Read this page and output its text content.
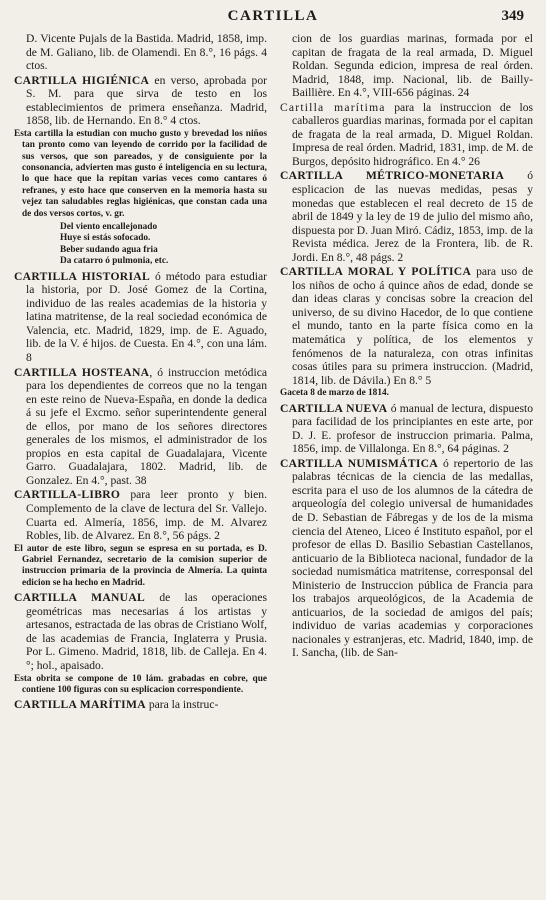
CARTILLA	349

D. Vicente Pujals de la Bastida. Madrid, 1858, imp. de M. Galiano, lib. de Olamendi. En 8.°, 16 págs. 4 ctos.

CARTILLA HIGIÉNICA en verso, aprobada por S. M. para que sirva de testo en los establecimientos de primera enseñanza. Madrid, 1858, lib. de Hernando. En 8.° 4 ctos.

Esta cartilla la estudian con mucho gusto y brevedad los niños tan pronto como van leyendo de corrido por la facilidad de sus versos, que son pareados, y de consiguiente por la consonancia, advierten mas gusto é inteligencia en su lectura, lo que hace que la repitan varias veces como cantares ó refranes, y esto hace que conserven en la memoria hasta su vejez tan saludables reglas higiénicas, que constan cada una de dos versos cortos, v. gr.

Del viento encallejonado
Huye si estás sofocado.
Beber sudando agua fria
Da catarro ó pulmonia, etc.

CARTILLA HISTORIAL ó método para estudiar la historia, por D. José Gomez de la Cortina, individuo de las reales academias de la historia y latina matritense, de la real sociedad económica de Valencia, etc. Madrid, 1829, imp. de E. Aguado, lib. de la V. é hijos. de Cuesta. En 4.°, con una lám. 8

CARTILLA HOSTEANA, ó instruccion metódica para los dependientes de correos que no la tengan en este reino de Nueva-España, en donde la dedica á su jefe el Excmo. señor superintendente general de ellos, por mano de los señores directores generales de los mismos, el administrador de los propios en esta capital de Guadalajara, Vicente Garro. Guadalajara, 1802. Madrid, lib. de Gonzalez. En 4.°, past. 38

CARTILLA-LIBRO para leer pronto y bien. Complemento de la clave de lectura del Sr. Vallejo. Cuarta ed. Almería, 1856, imp. de M. Alvarez Robles, lib. de Alvarez. En 8.°, 56 págs. 2

El autor de este libro, segun se espresa en su portada, es D. Gabriel Fernandez, secretario de la comision superior de instruccion primaria de la provincia de Almería. La quinta edicion se ha hecho en Madrid.

CARTILLA MANUAL de las operaciones geométricas mas necesarias á los artistas y artesanos, estractada de las obras de Cristiano Wolf, de las academias de Francia, Inglaterra y Prusia. Por L. Gimeno. Madrid, 1818, lib. de Calleja. En 4.°; hol., apaisado.

Esta obrita se compone de 10 lám. grabadas en cobre, que contiene 100 figuras con su esplicacion correspondiente.

CARTILLA MARÍTIMA para la instruc-

cion de los guardias marinas, formada por el capitan de fragata de la real armada, D. Miguel Roldan. Segunda edicion, impresa de real órden. Madrid, 1848, imp. Nacional, lib. de Bailly-Baillière. En 4.°, VIII-656 páginas. 24

Cartilla marítima para la instruccion de los caballeros guardias marinas, formada por el capitan de fragata de la real armada, D. Miguel Roldan. Impresa de real órden. Madrid, 1831, imp. de M. de Burgos, depósito hidrográfico. En 4.° 26

CARTILLA MÉTRICO-MONETARIA ó esplicacion de las nuevas medidas, pesas y monedas que establecen el real decreto de 15 de abril de 1849 y la ley de 19 de julio del mismo año, dispuesta por D. Juan Miró. Cádiz, 1853, imp. de la Revista médica. Jerez de la Frontera, lib. de R. Jordi. En 8.°, 48 págs. 2

CARTILLA MORAL Y POLÍTICA para uso de los niños de ocho á quince años de edad, donde se dan ideas claras y concisas sobre la creacion del universo, de su divino Hacedor, de lo que contiene el mundo, tanto en la parte física como en la matemática y política, de los elementos y fenómenos de la naturaleza, con otras infinitas cosas útiles para su primera instruccion. (Madrid, 1814, lib. de Dávila.) En 8.° 5

Gaceta 8 de marzo de 1814.

CARTILLA NUEVA ó manual de lectura, dispuesto para facilidad de los principiantes en este arte, por D. J. E. profesor de instruccion primaria. Palma, 1856, imp. de Villalonga. En 8.°, 64 páginas. 2

CARTILLA NUMISMÁTICA ó repertorio de las palabras técnicas de la ciencia de las medallas, escrita para el uso de los alumnos de la cátedra de arqueología del colegio universal de humanidades de D. Sebastian de Fábregas y de los de la misma ciencia del Ateneo, Liceo é Instituto español, por el profesor de ellas D. Basilio Sebastian Castellanos, anticuario de la Biblioteca nacional, fundador de la sociedad numismática matritense, corresponsal del Ministerio de Instruccion pública de Francia para los trabajos arqueológicos, de la Academia de anticuarios, de la sociedad de amigos del país; individuo de varias academias y corporaciones nacionales y estranjeras, etc. Madrid, 1840, imp. de I. Sancha, (lib. de San-
